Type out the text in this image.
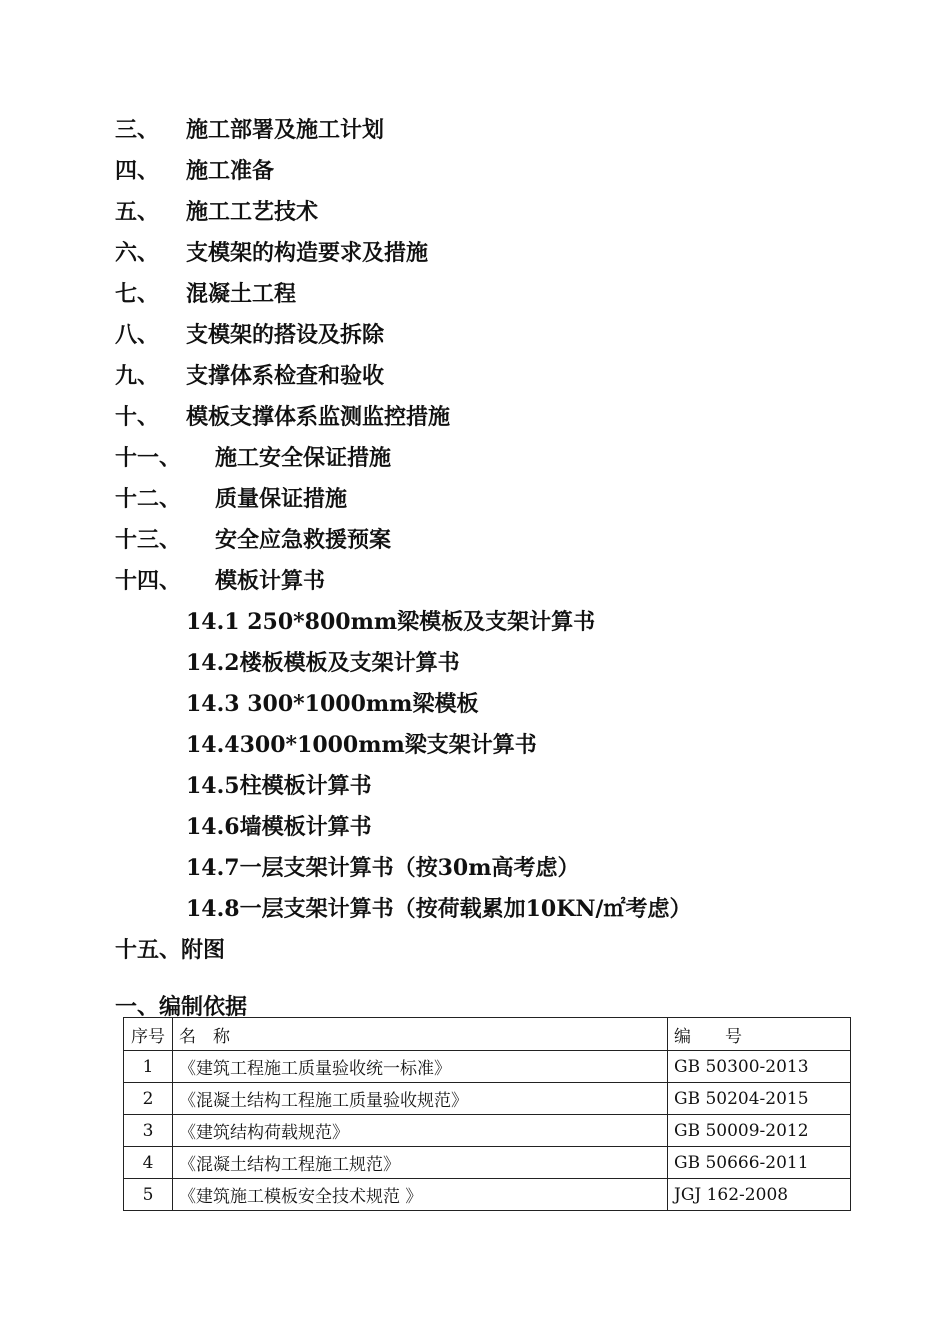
三、 施工部署及施工计划
四、 施工准备
五、 施工工艺技术
六、 支模架的构造要求及措施
七、 混凝土工程
八、 支模架的搭设及拆除
九、 支撑体系检查和验收
十、 模板支撑体系监测监控措施
十一、 施工安全保证措施
十二、 质量保证措施
十三、 安全应急救援预案
十四、 模板计算书
14.1 250*800mm梁模板及支架计算书
14.2楼板模板及支架计算书
14.3 300*1000mm梁模板
14.4300*1000mm梁支架计算书
14.5柱模板计算书
14.6墙模板计算书
14.7一层支架计算书（按30m高考虑）
14.8一层支架计算书（按荷载累加10KN/㎡考虑）
十五、附图
一、编制依据
序号	名　称	编　　号
1	《建筑工程施工质量验收统一标准》	GB 50300-2013
2	《混凝土结构工程施工质量验收规范》	GB 50204-2015
3	《建筑结构荷载规范》	GB 50009-2012
4	《混凝土结构工程施工规范》	GB 50666-2011
5	《建筑施工模板安全技术规范 》	JGJ 162-2008
